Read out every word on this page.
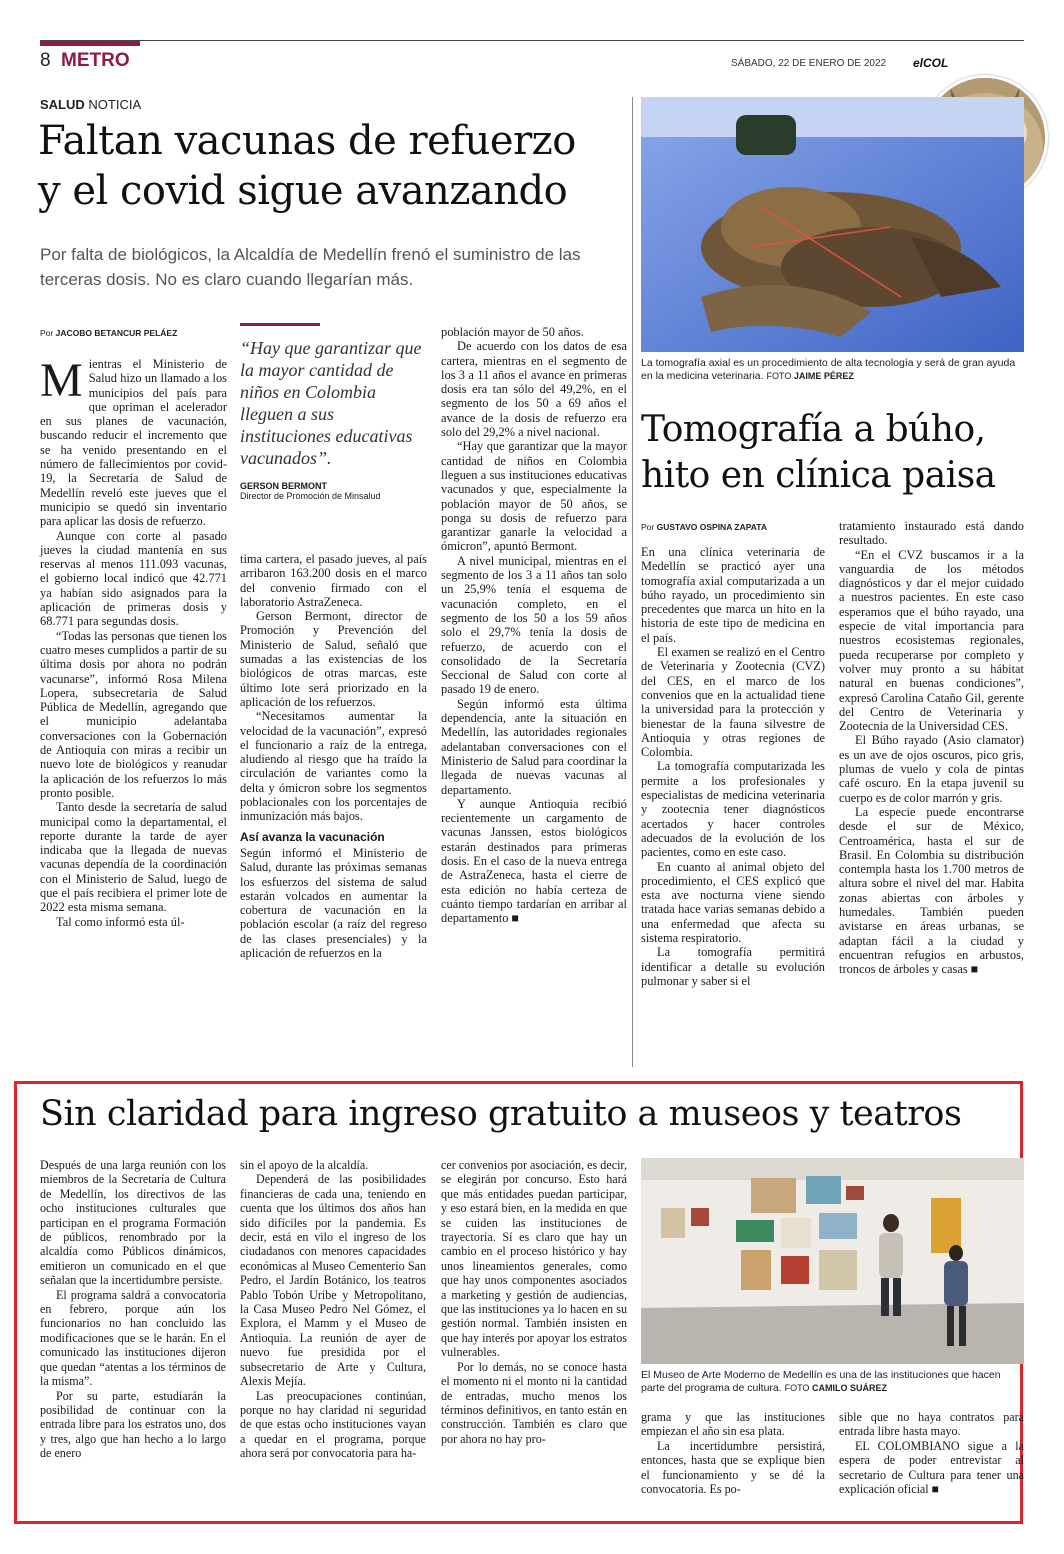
8 METRO	SÁBADO, 22 DE ENERO DE 2022 elCOL
SALUD NOTICIA
Faltan vacunas de refuerzo
y el covid sigue avanzando
Por falta de biológicos, la Alcaldía de Medellín frenó el suministro de las terceras dosis. No es claro cuando llegarían más.
Por JACOBO BETANCUR PELÁEZ
M ientras el Ministerio de Salud hizo un llamado a los municipios del país para que opriman el acelerador en sus planes de vacunación, buscando reducir el incremento que se ha venido presentando en el número de fallecimientos por covid-19, la Secretaría de Salud de Medellín reveló este jueves que el municipio se quedó sin inventario para aplicar las dosis de refuerzo.

Aunque con corte al pasado jueves la ciudad mantenía en sus reservas al menos 111.093 vacunas, el gobierno local indicó que 42.771 ya habían sido asignados para la aplicación de primeras dosis y 68.771 para segundas dosis.

“Todas las personas que tienen los cuatro meses cumplidos a partir de su última dosis por ahora no podrán vacunarse”, informó Rosa Milena Lopera, subsecretaria de Salud Pública de Medellín, agregando que el municipio adelantaba conversaciones con la Gobernación de Antioquia con miras a recibir un nuevo lote de biológicos y reanudar la aplicación de los refuerzos lo más pronto posible.

Tanto desde la secretaría de salud municipal como la departamental, el reporte durante la tarde de ayer indicaba que la llegada de nuevas vacunas dependía de la coordinación con el Ministerio de Salud, luego de que el país recibiera el primer lote de 2022 esta misma semana.

Tal como informó esta úl-

“Hay que garantizar que la mayor cantidad de niños en Colombia lleguen a sus instituciones educativas vacunados”.
GERSON BERMONT
Director de Promoción de Minsalud

tima cartera, el pasado jueves, al país arribaron 163.200 dosis en el marco del convenio firmado con el laboratorio AstraZeneca.

Gerson Bermont, director de Promoción y Prevención del Ministerio de Salud, señaló que sumadas a las existencias de los biológicos de otras marcas, este último lote será priorizado en la aplicación de los refuerzos.

“Necesitamos aumentar la velocidad de la vacunación”, expresó el funcionario a raíz de la entrega, aludiendo al riesgo que ha traído la circulación de variantes como la delta y ómicron sobre los segmentos poblacionales con los porcentajes de inmunización más bajos.

Así avanza la vacunación

Según informó el Ministerio de Salud, durante las próximas semanas los esfuerzos del sistema de salud estarán volcados en aumentar la cobertura de vacunación en la población escolar (a raíz del regreso de las clases presenciales) y la aplicación de refuerzos en la

población mayor de 50 años.

De acuerdo con los datos de esa cartera, mientras en el segmento de los 3 a 11 años el avance en primeras dosis era tan sólo del 49,2%, en el segmento de los 50 a 69 años el avance de la dosis de refuerzo era solo del 29,2% a nivel nacional.

“Hay que garantizar que la mayor cantidad de niños en Colombia lleguen a sus instituciones educativas vacunados y que, especialmente la población mayor de 50 años, se ponga su dosis de refuerzo para garantizar ganarle la velocidad a ómicron”, apuntó Bermont.

A nivel municipal, mientras en el segmento de los 3 a 11 años tan solo un 25,9% tenía el esquema de vacunación completo, en el segmento de los 50 a los 59 años solo el 29,7% tenía la dosis de refuerzo, de acuerdo con el consolidado de la Secretaría Seccional de Salud con corte al pasado 19 de enero.

Según informó esta última dependencia, ante la situación en Medellín, las autoridades regionales adelantaban conversaciones con el Ministerio de Salud para coordinar la llegada de nuevas vacunas al departamento.

Y aunque Antioquia recibió recientemente un cargamento de vacunas Janssen, estos biológicos estarán destinados para primeras dosis. En el caso de la nueva entrega de AstraZeneca, hasta el cierre de esta edición no había certeza de cuánto tiempo tardarían en arribar al departamento ■

La tomografía axial es un procedimiento de alta tecnología y será de gran ayuda en la medicina veterinaria. FOTO JAIME PÉREZ
Tomografía a búho,
hito en clínica paisa
Por GUSTAVO OSPINA ZAPATA

En una clínica veterinaria de Medellín se practicó ayer una tomografía axial computarizada a un búho rayado, un procedimiento sin precedentes que marca un hito en la historia de este tipo de medicina en el país.

El examen se realizó en el Centro de Veterinaria y Zootecnia (CVZ) del CES, en el marco de los convenios que en la actualidad tiene la universidad para la protección y bienestar de la fauna silvestre de Antioquia y otras regiones de Colombia.

La tomografía computarizada les permite a los profesionales y especialistas de medicina veterinaria y zootecnia tener diagnósticos acertados y hacer controles adecuados de la evolución de los pacientes, como en este caso.

En cuanto al animal objeto del procedimiento, el CES explicó que esta ave nocturna viene siendo tratada hace varias semanas debido a una enfermedad que afecta su sistema respiratorio.

La tomografía permitirá identificar a detalle su evolución pulmonar y saber si el

tratamiento instaurado está dando resultado.

“En el CVZ buscamos ir a la vanguardia de los métodos diagnósticos y dar el mejor cuidado a nuestros pacientes. En este caso esperamos que el búho rayado, una especie de vital importancia para nuestros ecosistemas regionales, pueda recuperarse por completo y volver muy pronto a su hábitat natural en buenas condiciones”, expresó Carolina Cataño Gil, gerente del Centro de Veterinaria y Zootecnia de la Universidad CES.

El Búho rayado (Asio clamator) es un ave de ojos oscuros, pico gris, plumas de vuelo y cola de pintas café oscuro. En la etapa juvenil su cuerpo es de color marrón y gris.

La especie puede encontrarse desde el sur de México, Centroamérica, hasta el sur de Brasil. En Colombia su distribución contempla hasta los 1.700 metros de altura sobre el nivel del mar. Habita zonas abiertas con árboles y humedales. También pueden avistarse en áreas urbanas, se adaptan fácil a la ciudad y encuentran refugios en arbustos, troncos de árboles y casas ■

Sin claridad para ingreso gratuito a museos y teatros

Después de una larga reunión con los miembros de la Secretaría de Cultura de Medellín, los directivos de las ocho instituciones culturales que participan en el programa Formación de públicos, renombrado por la alcaldía como Públicos dinámicos, emitieron un comunicado en el que señalan que la incertidumbre persiste.

El programa saldrá a convocatoria en febrero, porque aún los funcionarios no han concluido las modificaciones que se le harán. En el comunicado las instituciones dijeron que quedan “atentas a los términos de la misma”.

Por su parte, estudiarán la posibilidad de continuar con la entrada libre para los estratos uno, dos y tres, algo que han hecho a lo largo de enero

sin el apoyo de la alcaldía.

Dependerá de las posibilidades financieras de cada una, teniendo en cuenta que los últimos dos años han sido difíciles por la pandemia. Es decir, está en vilo el ingreso de los ciudadanos con menores capacidades económicas al Museo Cementerio San Pedro, el Jardín Botánico, los teatros Pablo Tobón Uribe y Metropolitano, la Casa Museo Pedro Nel Gómez, el Explora, el Mamm y el Museo de Antioquia. La reunión de ayer de nuevo fue presidida por el subsecretario de Arte y Cultura, Alexis Mejía.

Las preocupaciones continúan, porque no hay claridad ni seguridad de que estas ocho instituciones vayan a quedar en el programa, porque ahora será por convocatoria para ha-

cer convenios por asociación, es decir, se elegirán por concurso. Esto hará que más entidades puedan participar, y eso estará bien, en la medida en que se cuiden las instituciones de trayectoria. Sí es claro que hay un cambio en el proceso histórico y hay unos lineamientos generales, como que hay unos componentes asociados a marketing y gestión de audiencias, que las instituciones ya lo hacen en su gestión normal. También insisten en que hay interés por apoyar los estratos vulnerables.

Por lo demás, no se conoce hasta el momento ni el monto ni la cantidad de entradas, mucho menos los términos definitivos, en tanto están en construcción. También es claro que por ahora no hay pro-

El Museo de Arte Moderno de Medellín es una de las instituciones que hacen parte del programa de cultura. FOTO CAMILO SUÁREZ

grama y que las instituciones empiezan el año sin esa plata.

La incertidumbre persistirá, entonces, hasta que se explique bien el funcionamiento y se dé la convocatoria. Es po-

sible que no haya contratos para entrada libre hasta mayo.

EL COLOMBIANO sigue a la espera de poder entrevistar al secretario de Cultura para tener una explicación oficial ■
